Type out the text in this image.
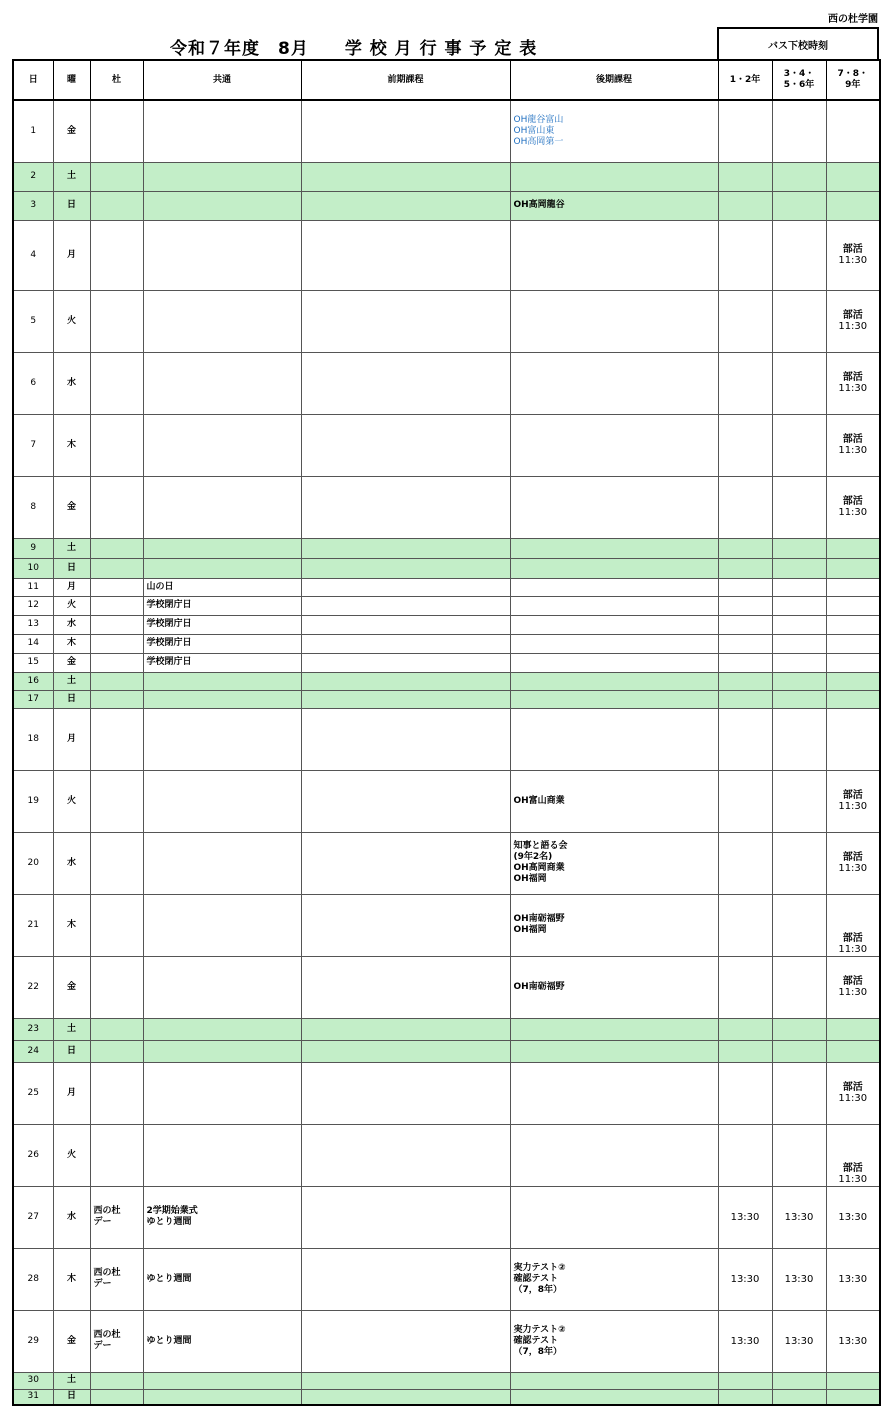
西の杜学園
令和７年度　8月　　学 校 月 行 事 予 定 表	バス下校時刻
日	曜	杜	共通	前期課程	後期課程	1・2年	3・4・
5・6年	7・8・
9年
1	金				OH龍谷富山
OH富山東
OH高岡第一			
2	土							
3	日				OH高岡龍谷			
4	月							部活
11:30
5	火							部活
11:30
6	水							部活
11:30
7	木							部活
11:30
8	金							部活
11:30
9	土							
10	日							
11	月		山の日					
12	火		学校閉庁日					
13	水		学校閉庁日					
14	木		学校閉庁日					
15	金		学校閉庁日					
16	土							
17	日							
18	月							
19	火				OH富山商業			部活
11:30
20	水				知事と語る会
(9年2名)
OH高岡商業
OH福岡			部活
11:30
21	木				OH南砺福野
OH福岡			部活
11:30
22	金				OH南砺福野			部活
11:30
23	土							
24	日							
25	月							部活
11:30
26	火							部活
11:30
27	水	西の杜
デー	2学期始業式
ゆとり週間			13:30	13:30	13:30
28	木	西の杜
デー	ゆとり週間		実力テスト②
確認テスト
（7，8年）	13:30	13:30	13:30
29	金	西の杜
デー	ゆとり週間		実力テスト②
確認テスト
（7，8年）	13:30	13:30	13:30
30	土							
31	日							
